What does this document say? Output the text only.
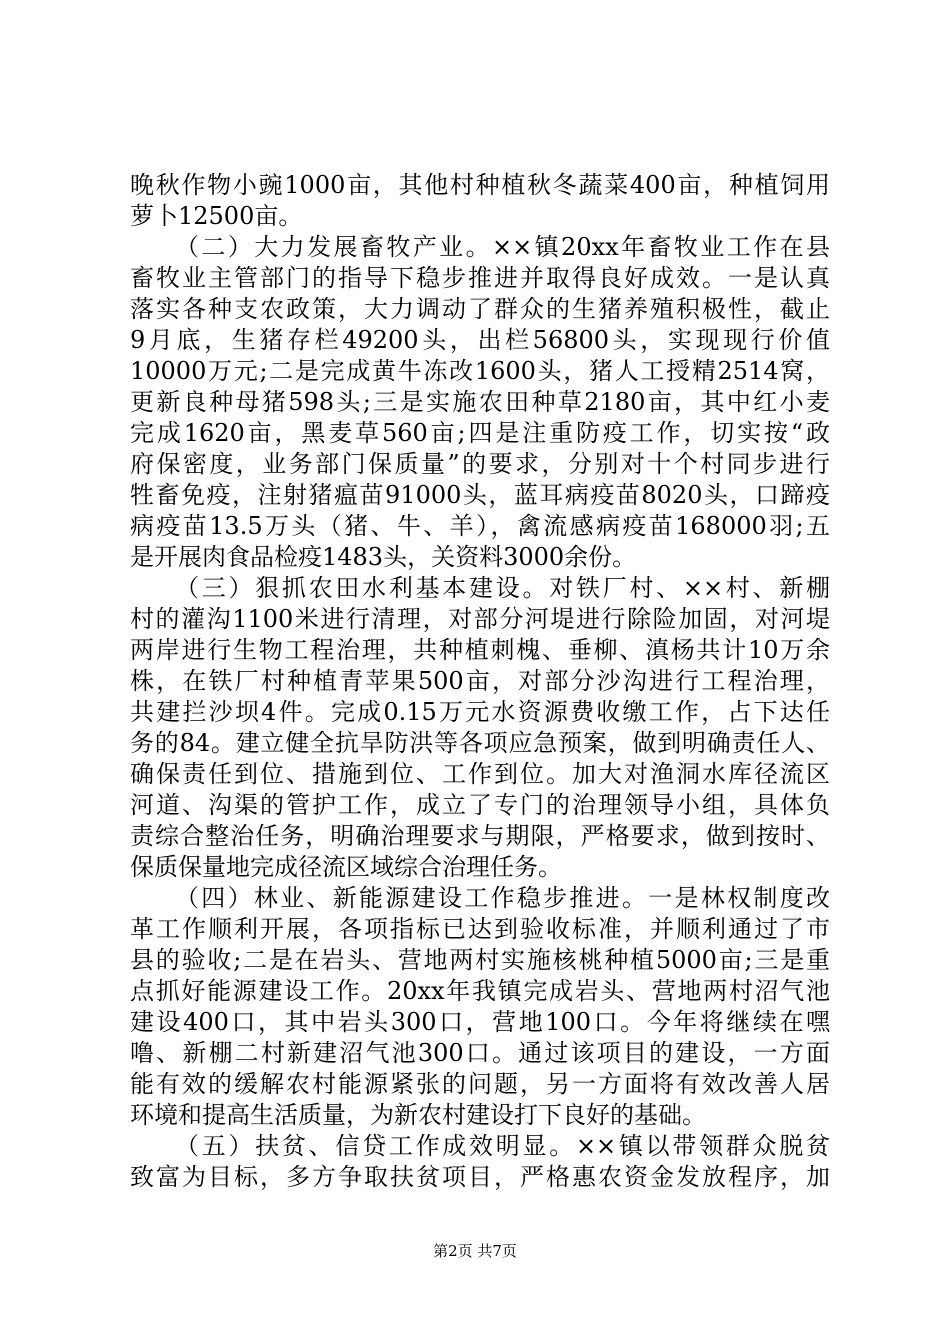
晚秋作物小豌1000亩，其他村种植秋冬蔬菜400亩，种植饲用
萝卜12500亩。
（二）大力发展畜牧产业。××镇20xx年畜牧业工作在县
畜牧业主管部门的指导下稳步推进并取得良好成效。一是认真
落实各种支农政策，大力调动了群众的生猪养殖积极性，截止
9月底，生猪存栏49200头，出栏56800头，实现现行价值
10000万元;二是完成黄牛冻改1600头，猪人工授精2514窝，
更新良种母猪598头;三是实施农田种草2180亩，其中红小麦
完成1620亩，黑麦草560亩;四是注重防疫工作，切实按“政
府保密度，业务部门保质量”的要求，分别对十个村同步进行
牲畜免疫，注射猪瘟苗91000头，蓝耳病疫苗8020头，口蹄疫
病疫苗13.5万头（猪、牛、羊），禽流感病疫苗168000羽;五
是开展肉食品检疫1483头，关资料3000余份。
（三）狠抓农田水利基本建设。对铁厂村、××村、新棚
村的灌沟1100米进行清理，对部分河堤进行除险加固，对河堤
两岸进行生物工程治理，共种植刺槐、垂柳、滇杨共计10万余
株，在铁厂村种植青苹果500亩，对部分沙沟进行工程治理，
共建拦沙坝4件。完成0.15万元水资源费收缴工作，占下达任
务的84。建立健全抗旱防洪等各项应急预案，做到明确责任人、
确保责任到位、措施到位、工作到位。加大对渔洞水库径流区
河道、沟渠的管护工作，成立了专门的治理领导小组，具体负
责综合整治任务，明确治理要求与期限，严格要求，做到按时、
保质保量地完成径流区域综合治理任务。
（四）林业、新能源建设工作稳步推进。一是林权制度改
革工作顺利开展，各项指标已达到验收标准，并顺利通过了市
县的验收;二是在岩头、营地两村实施核桃种植5000亩;三是重
点抓好能源建设工作。20xx年我镇完成岩头、营地两村沼气池
建设400口，其中岩头300口，营地100口。今年将继续在嘿
噜、新棚二村新建沼气池300口。通过该项目的建设，一方面
能有效的缓解农村能源紧张的问题，另一方面将有效改善人居
环境和提高生活质量，为新农村建设打下良好的基础。
（五）扶贫、信贷工作成效明显。××镇以带领群众脱贫
致富为目标，多方争取扶贫项目，严格惠农资金发放程序，加
第2页 共7页
